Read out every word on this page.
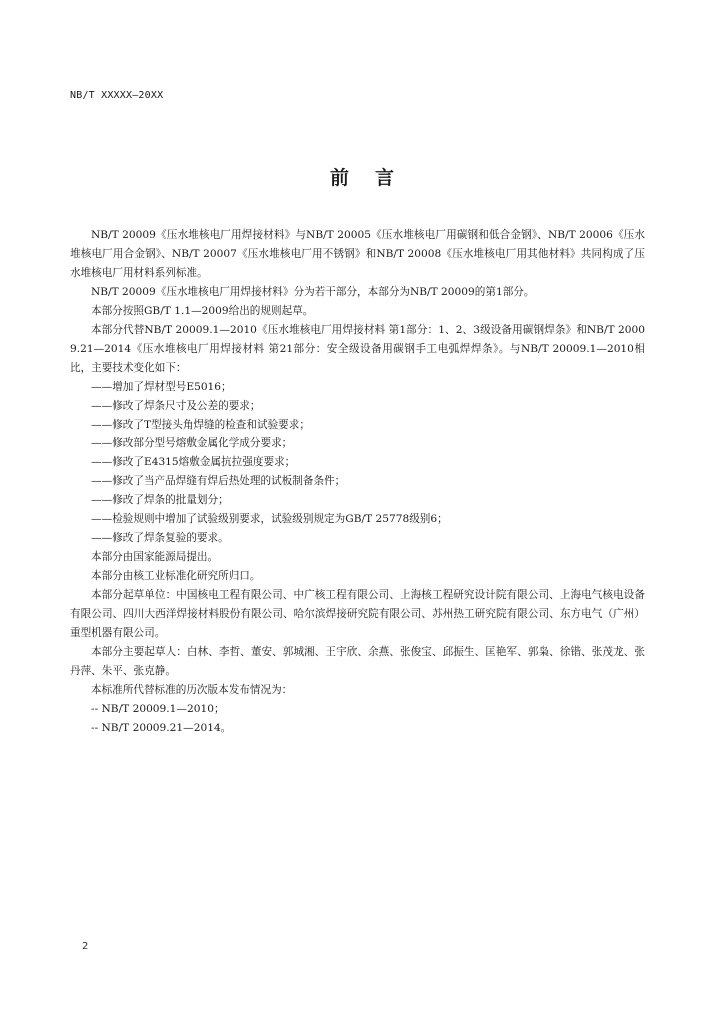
NB/T XXXXX—20XX
前言

NB/T 20009《压水堆核电厂用焊接材料》与NB/T 20005《压水堆核电厂用碳钢和低合金钢》、NB/T 20006《压水堆核电厂用合金钢》、NB/T 20007《压水堆核电厂用不锈钢》和NB/T 20008《压水堆核电厂用其他材料》共同构成了压水堆核电厂用材料系列标准。

NB/T 20009《压水堆核电厂用焊接材料》分为若干部分，本部分为NB/T 20009的第1部分。

本部分按照GB/T 1.1—2009给出的规则起草。

本部分代替NB/T 20009.1—2010《压水堆核电厂用焊接材料 第1部分：1、2、3级设备用碳钢焊条》和NB/T 20009.21—2014《压水堆核电厂用焊接材料 第21部分：安全级设备用碳钢手工电弧焊焊条》。与NB/T 20009.1—2010相比，主要技术变化如下：

——增加了焊材型号E5016；

——修改了焊条尺寸及公差的要求；

——修改了T型接头角焊缝的检查和试验要求；

——修改部分型号熔敷金属化学成分要求；

——修改了E4315熔敷金属抗拉强度要求；

——修改了当产品焊缝有焊后热处理的试板制备条件；

——修改了焊条的批量划分；

——检验规则中增加了试验级别要求，试验级别规定为GB/T 25778级别6；

——修改了焊条复验的要求。

本部分由国家能源局提出。

本部分由核工业标准化研究所归口。

本部分起草单位：中国核电工程有限公司、中广核工程有限公司、上海核工程研究设计院有限公司、上海电气核电设备有限公司、四川大西洋焊接材料股份有限公司、哈尔滨焊接研究院有限公司、苏州热工研究院有限公司、东方电气（广州）重型机器有限公司。

本部分主要起草人：白林、李哲、董安、郭城湘、王宇欣、余燕、张俊宝、邱振生、匡艳军、郭枭、徐锴、张茂龙、张丹萍、朱平、张克静。

本标准所代替标准的历次版本发布情况为：

-- NB/T 20009.1—2010；

-- NB/T 20009.21—2014。

2
